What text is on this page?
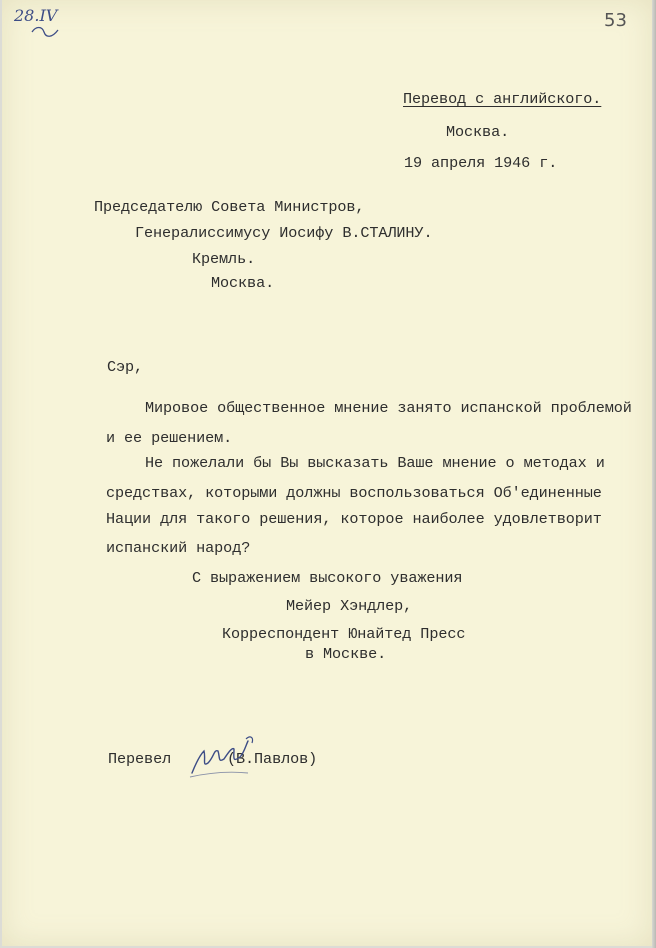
28.IV	53
Перевод с английского.
Москва.
19 апреля 1946 г.
Председателю Совета Министров,
Генералиссимусу Иосифу В.СТАЛИНУ.
Кремль.
Москва.
Сэр,
Мировое общественное мнение занято испанской проблемой
и ее решением.
Не пожелали бы Вы высказать Ваше мнение о методах и
средствах, которыми должны воспользоваться Об'единенные
Нации для такого решения, которое наиболее удовлетворит
испанский народ?
С выражением высокого уважения
Мейер Хэндлер,
Корреспондент Юнайтед Пресс
в Москве.
Перевел	(В.Павлов)
